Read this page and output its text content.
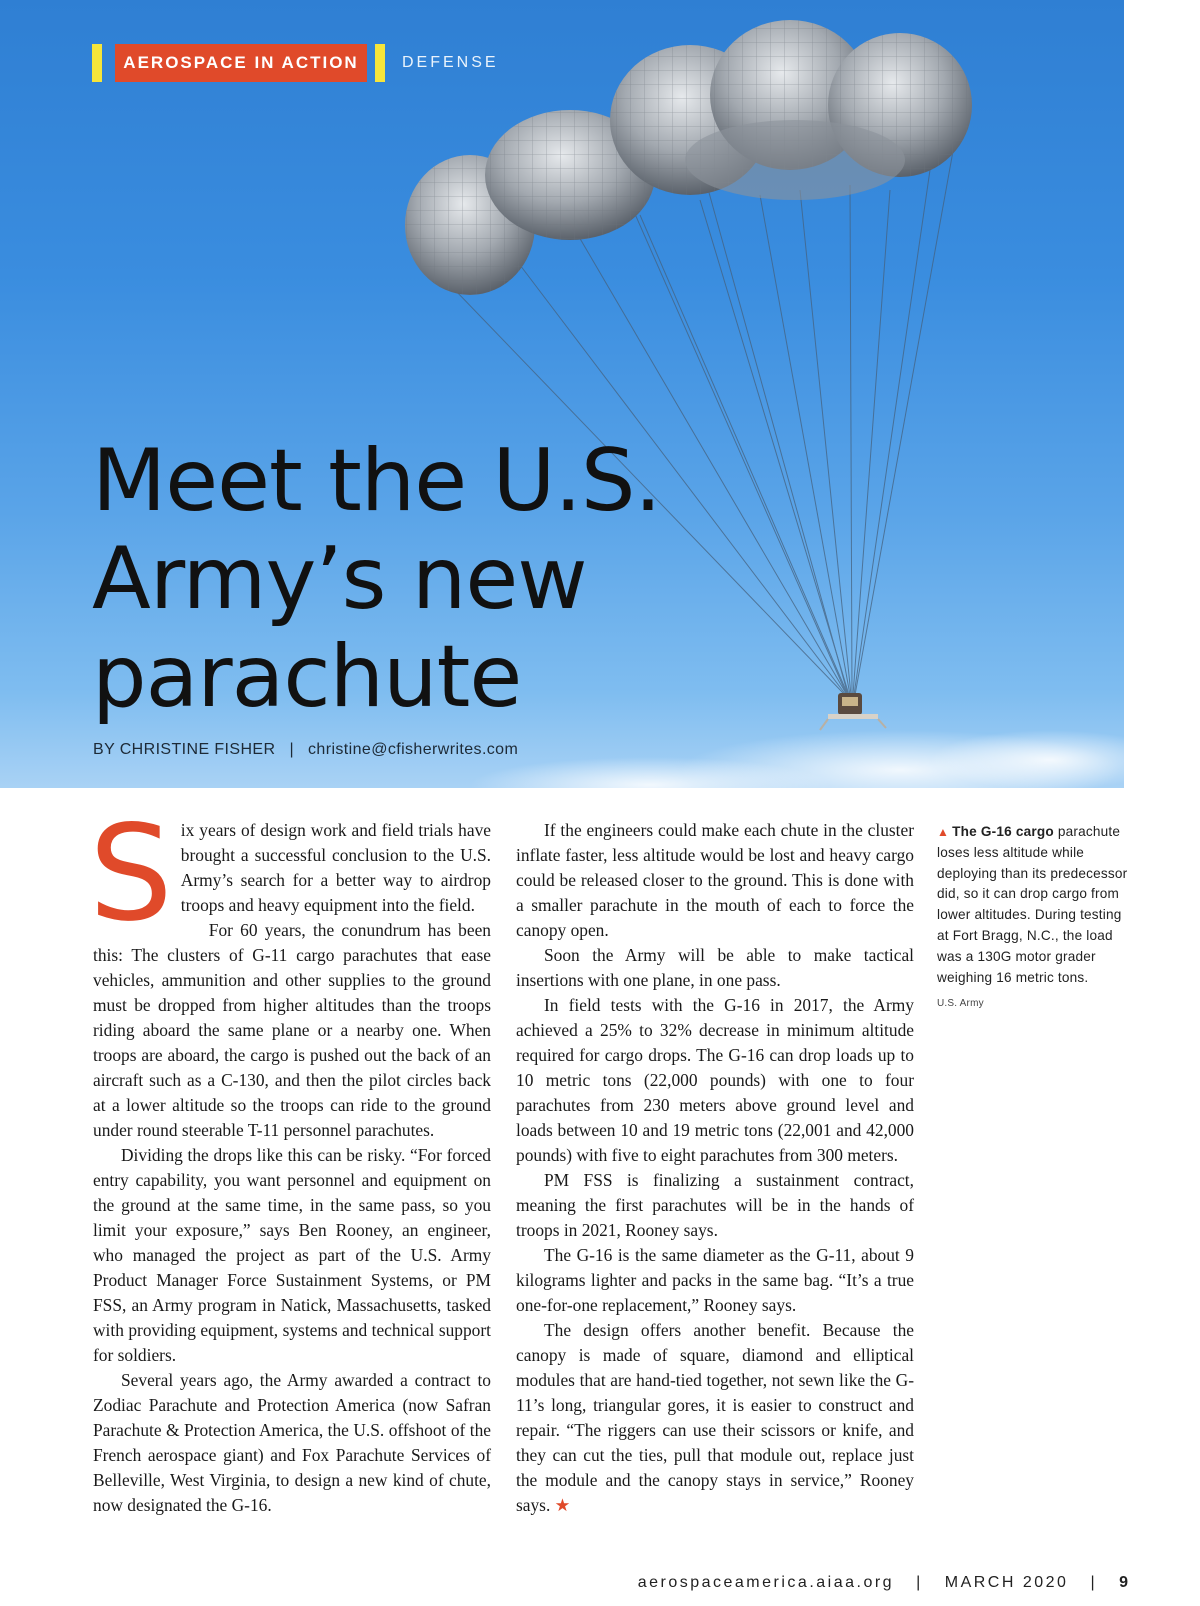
AEROSPACE IN ACTION	DEFENSE
Meet the U.S. Army’s new parachute
BY CHRISTINE FISHER | christine@cfisherwrites.com

Six years of design work and field trials have brought a successful conclusion to the U.S. Army’s search for a better way to airdrop troops and heavy equipment into the field.

For 60 years, the conundrum has been this: The clusters of G-11 cargo parachutes that ease vehicles, ammunition and other supplies to the ground must be dropped from higher altitudes than the troops riding aboard the same plane or a nearby one. When troops are aboard, the cargo is pushed out the back of an aircraft such as a C-130, and then the pilot circles back at a lower altitude so the troops can ride to the ground under round steerable T-11 personnel parachutes.

Dividing the drops like this can be risky. “For forced entry capability, you want personnel and equipment on the ground at the same time, in the same pass, so you limit your exposure,” says Ben Rooney, an engineer, who managed the project as part of the U.S. Army Product Manager Force Sustainment Systems, or PM FSS, an Army program in Natick, Massachusetts, tasked with providing equipment, systems and technical support for soldiers.

Several years ago, the Army awarded a contract to Zodiac Parachute and Protection America (now Safran Parachute & Protection America, the U.S. offshoot of the French aerospace giant) and Fox Parachute Services of Belleville, West Virginia, to design a new kind of chute, now designated the G-16.

If the engineers could make each chute in the cluster inflate faster, less altitude would be lost and heavy cargo could be released closer to the ground. This is done with a smaller parachute in the mouth of each to force the canopy open.

Soon the Army will be able to make tactical insertions with one plane, in one pass.

In field tests with the G-16 in 2017, the Army achieved a 25% to 32% decrease in minimum altitude required for cargo drops. The G-16 can drop loads up to 10 metric tons (22,000 pounds) with one to four parachutes from 230 meters above ground level and loads between 10 and 19 metric tons (22,001 and 42,000 pounds) with five to eight parachutes from 300 meters.

PM FSS is finalizing a sustainment contract, meaning the first parachutes will be in the hands of troops in 2021, Rooney says.

The G-16 is the same diameter as the G-11, about 9 kilograms lighter and packs in the same bag. “It’s a true one-for-one replacement,” Rooney says.

The design offers another benefit. Because the canopy is made of square, diamond and elliptical modules that are hand-tied together, not sewn like the G-11’s long, triangular gores, it is easier to construct and repair. “The riggers can use their scissors or knife, and they can cut the ties, pull that module out, replace just the module and the canopy stays in service,” Rooney says. ★

▲ The G-16 cargo parachute loses less altitude while deploying than its predecessor did, so it can drop cargo from lower altitudes. During testing at Fort Bragg, N.C., the load was a 130G motor grader weighing 16 metric tons.
U.S. Army
aerospaceamerica.aiaa.org | MARCH 2020 | 9
